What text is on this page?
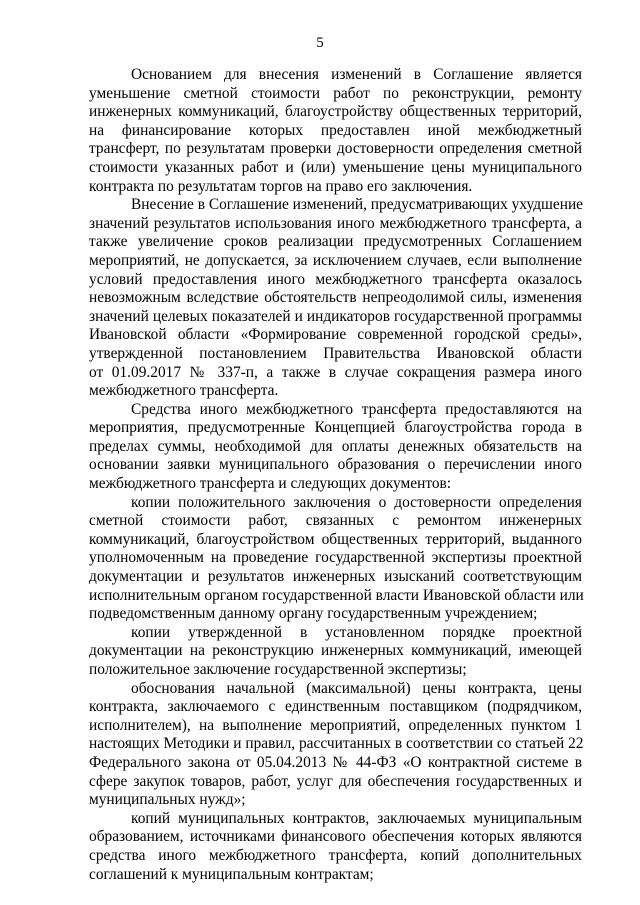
5
Основанием для внесения изменений в Соглашение является
уменьшение сметной стоимости работ по реконструкции, ремонту
инженерных коммуникаций, благоустройству общественных территорий,
на финансирование которых предоставлен иной межбюджетный
трансферт, по результатам проверки достоверности определения сметной
стоимости указанных работ и (или) уменьшение цены муниципального
контракта по результатам торгов на право его заключения.
Внесение в Соглашение изменений, предусматривающих ухудшение
значений результатов использования иного межбюджетного трансферта, а
также увеличение сроков реализации предусмотренных Соглашением
мероприятий, не допускается, за исключением случаев, если выполнение
условий предоставления иного межбюджетного трансферта оказалось
невозможным вследствие обстоятельств непреодолимой силы, изменения
значений целевых показателей и индикаторов государственной программы
Ивановской области «Формирование современной городской среды»,
утвержденной постановлением Правительства Ивановской области
от 01.09.2017 № 337-п, а также в случае сокращения размера иного
межбюджетного трансферта.
Средства иного межбюджетного трансферта предоставляются на
мероприятия, предусмотренные Концепцией благоустройства города в
пределах суммы, необходимой для оплаты денежных обязательств на
основании заявки муниципального образования о перечислении иного
межбюджетного трансферта и следующих документов:
копии положительного заключения о достоверности определения
сметной стоимости работ, связанных с ремонтом инженерных
коммуникаций, благоустройством общественных территорий, выданного
уполномоченным на проведение государственной экспертизы проектной
документации и результатов инженерных изысканий соответствующим
исполнительным органом государственной власти Ивановской области или
подведомственным данному органу государственным учреждением;
копии утвержденной в установленном порядке проектной
документации на реконструкцию инженерных коммуникаций, имеющей
положительное заключение государственной экспертизы;
обоснования начальной (максимальной) цены контракта, цены
контракта, заключаемого с единственным поставщиком (подрядчиком,
исполнителем), на выполнение мероприятий, определенных пунктом 1
настоящих Методики и правил, рассчитанных в соответствии со статьей 22
Федерального закона от 05.04.2013 № 44-ФЗ «О контрактной системе в
сфере закупок товаров, работ, услуг для обеспечения государственных и
муниципальных нужд»;
копий муниципальных контрактов, заключаемых муниципальным
образованием, источниками финансового обеспечения которых являются
средства иного межбюджетного трансферта, копий дополнительных
соглашений к муниципальным контрактам;
